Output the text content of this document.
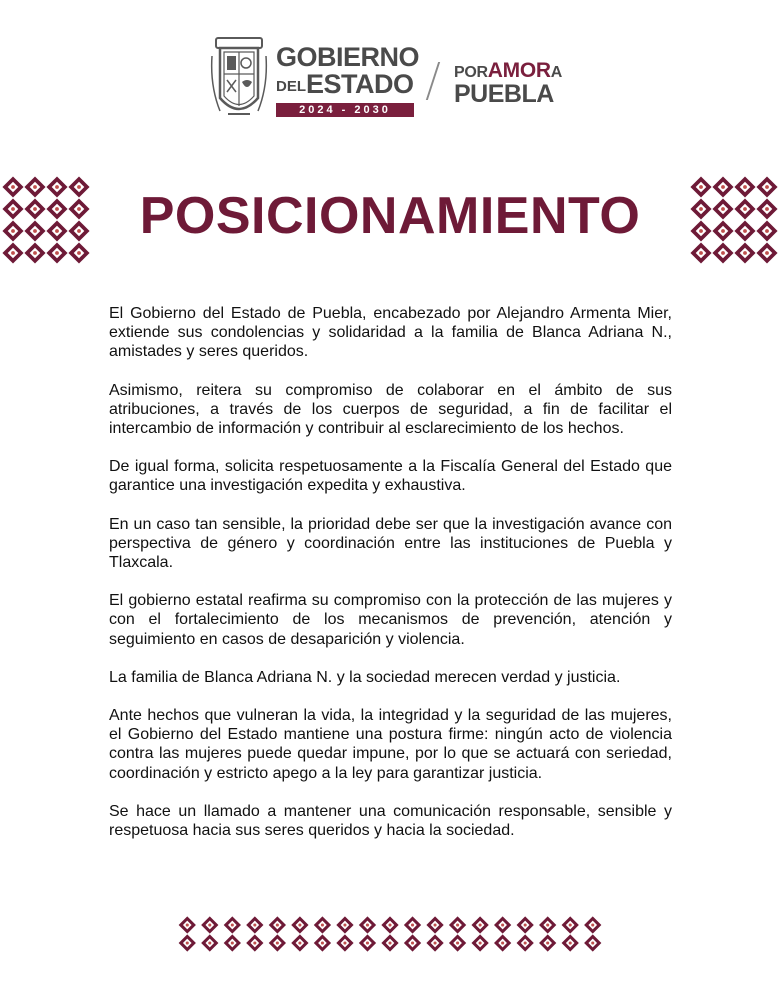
GOBIERNO
DELESTADO
2024 - 2030
PORAMORA
PUEBLA
POSICIONAMIENTO

El Gobierno del Estado de Puebla, encabezado por Alejandro Armenta Mier, extiende sus condolencias y solidaridad a la familia de Blanca Adriana N., amistades y seres queridos.

Asimismo, reitera su compromiso de colaborar en el ámbito de sus atribuciones, a través de los cuerpos de seguridad, a fin de facilitar el intercambio de información y contribuir al esclarecimiento de los hechos.

De igual forma, solicita respetuosamente a la Fiscalía General del Estado que garantice una investigación expedita y exhaustiva.

En un caso tan sensible, la prioridad debe ser que la investigación avance con perspectiva de género y coordinación entre las instituciones de Puebla y Tlaxcala.

El gobierno estatal reafirma su compromiso con la protección de las mujeres y con el fortalecimiento de los mecanismos de prevención, atención y seguimiento en casos de desaparición y violencia.

La familia de Blanca Adriana N. y la sociedad merecen verdad y justicia.

Ante hechos que vulneran la vida, la integridad y la seguridad de las mujeres, el Gobierno del Estado mantiene una postura firme: ningún acto de violencia contra las mujeres puede quedar impune, por lo que se actuará con seriedad, coordinación y estricto apego a la ley para garantizar justicia.

Se hace un llamado a mantener una comunicación responsable, sensible y respetuosa hacia sus seres queridos y hacia la sociedad.
